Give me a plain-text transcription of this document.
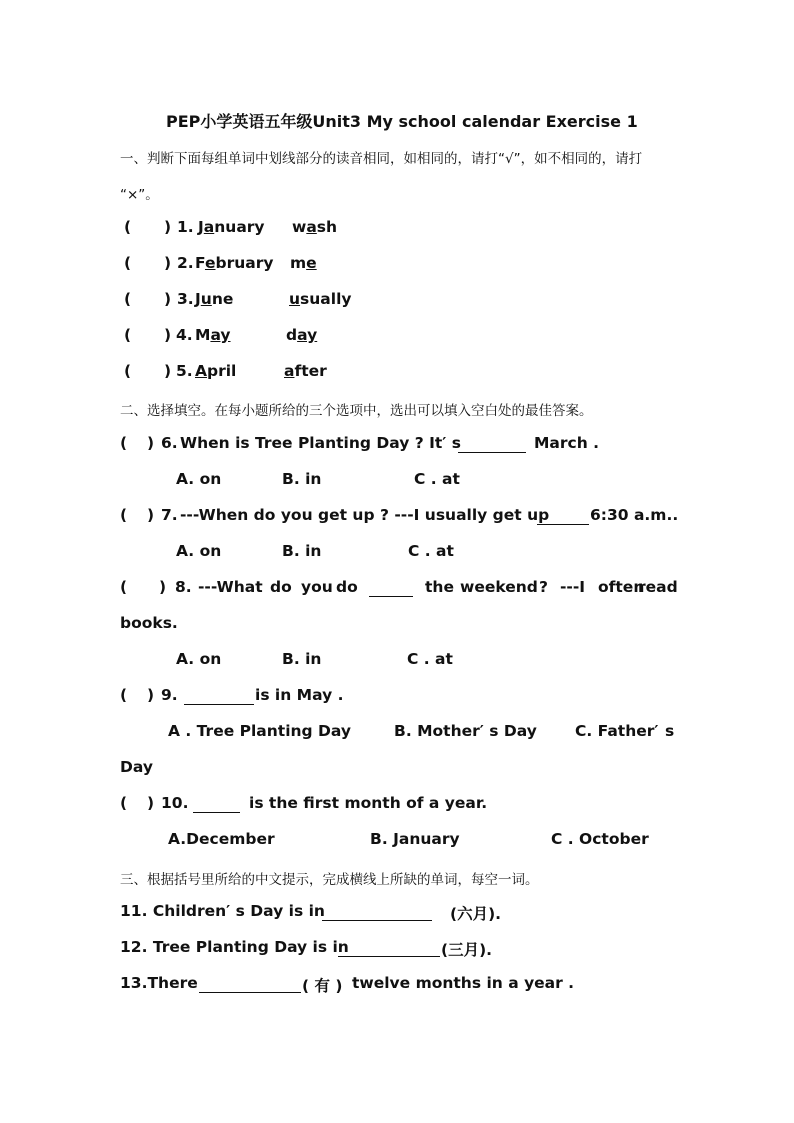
PEP小学英语五年级Unit3 My school calendar Exercise 1
一、判断下面每组单词中划线部分的读音相同，如相同的，请打“√”，如不相同的，请打
“×”。
( ) 1. January wash
( ) 2. February me
( ) 3. June	usually
( ) 4. May	day
( ) 5. April	after
二、选择填空。在每小题所给的三个选项中，选出可以填入空白处的最佳答案。
( ) 6. When is Tree Planting Day ? It′ s	March .
A. on	B. in	C . at
( ) 7. ---When do you get up ? ---I usually get up	6:30 a.m..
A. on	B. in	C . at
( ) 8. ---What do you do	the weekend ? ---I often
read
books.
A. on	B. in	C . at
( ) 9.	is in May .
A . Tree Planting Day	B. Mother′ s Day C. Father′ s
Day
( ) 10.	is the first month of a year.
A.December	B. January	C . October
三、根据括号里所给的中文提示，完成横线上所缺的单词，每空一词。
11. Children′ s Day is in	(六月).
12. Tree Planting Day is in	(三月).
13.There	( 有 ) twelve months in a year .
